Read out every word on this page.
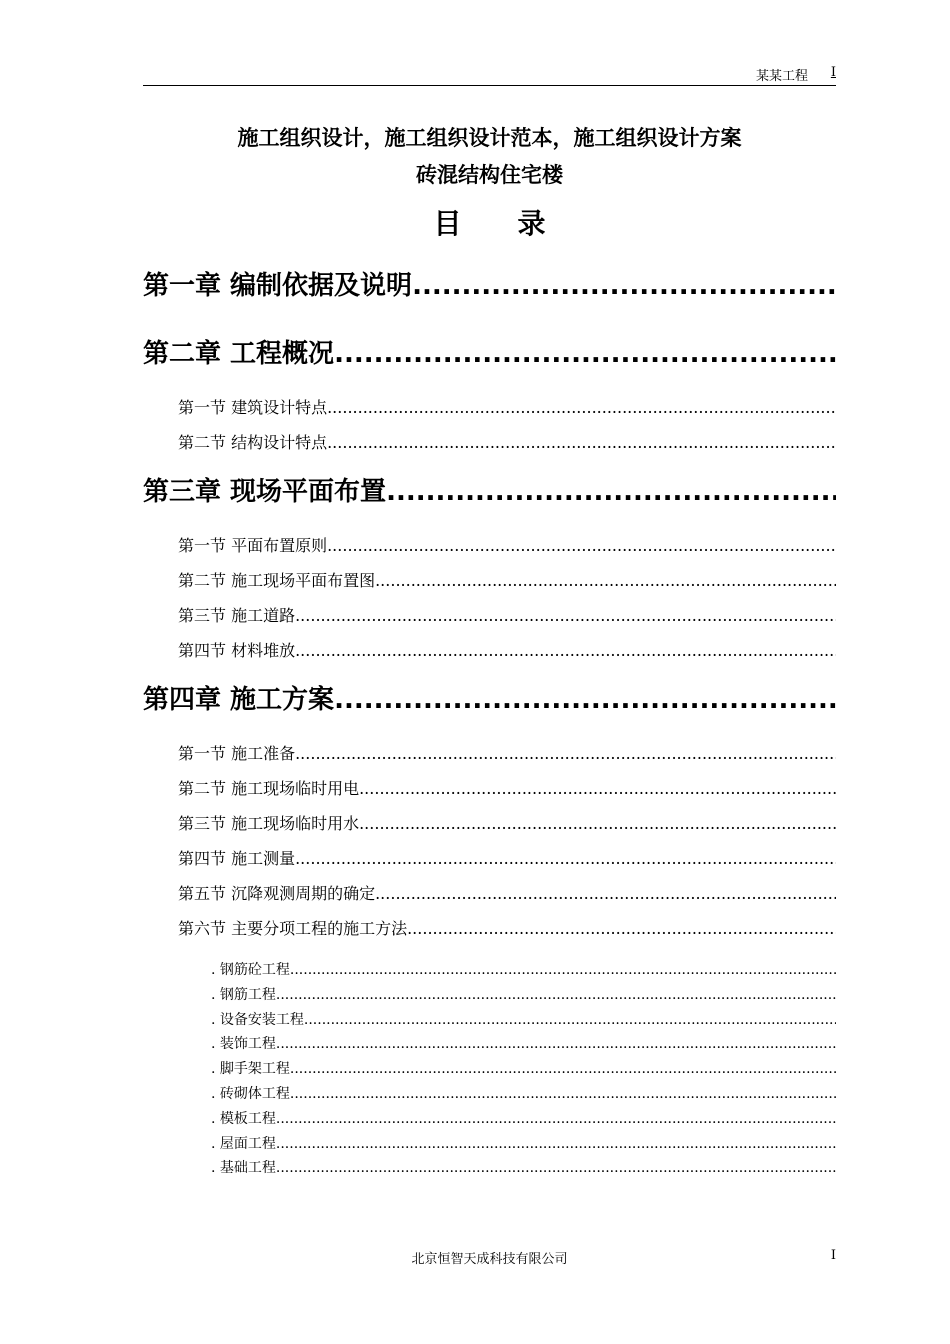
某某工程 I
施工组织设计，施工组织设计范本，施工组织设计方案
砖混结构住宅楼
目录
第一章 编制依据及说明
.....
第二章 工程概况
.....
第一节 建筑设计特点
.....
第二节 结构设计特点
.....
第三章 现场平面布置
.....
第一节 平面布置原则
.....
第二节 施工现场平面布置图
.....
第三节 施工道路
.....
第四节 材料堆放
.....
第四章 施工方案
.....
第一节 施工准备
.....
第二节 施工现场临时用电
.....
第三节 施工现场临时用水
.....
第四节 施工测量
.....
第五节 沉降观测周期的确定
.....
第六节 主要分项工程的施工方法
.....
. 钢筋砼工程
.....
. 钢筋工程
.....
. 设备安装工程
.....
. 装饰工程
.....
. 脚手架工程
.....
. 砖砌体工程
.....
. 模板工程
.....
. 屋面工程
.....
. 基础工程
.....
北京恒智天成科技有限公司	I
